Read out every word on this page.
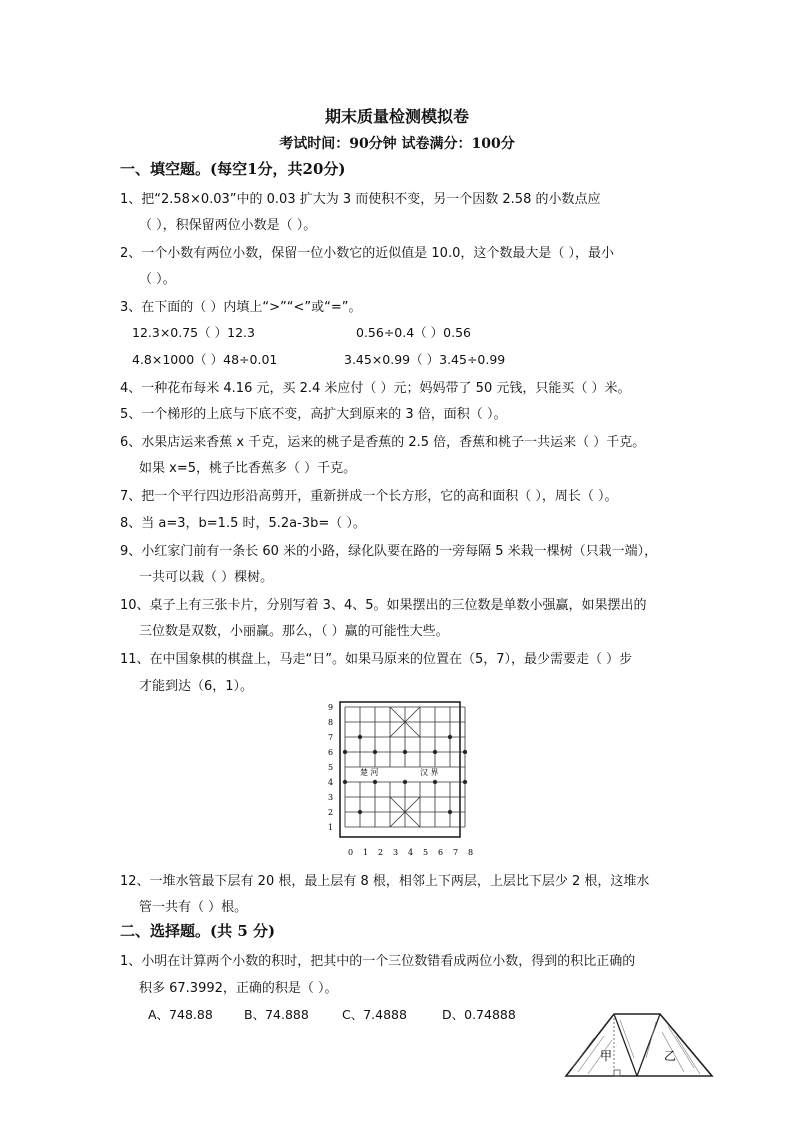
期末质量检测模拟卷
考试时间：90分钟 试卷满分：100分
一、填空题。(每空1分，共20分)
1、把“2.58×0.03”中的 0.03 扩大为 3 而使积不变，另一个因数 2.58 的小数点应
（ ），积保留两位小数是（ ）。
2、一个小数有两位小数，保留一位小数它的近似值是 10.0，这个数最大是（ ），最小
（ ）。
3、在下面的（ ）内填上“>”“<”或“=”。
12.3×0.75（ ）12.3	0.56÷0.4（ ）0.56
4.8×1000（ ）48÷0.01	3.45×0.99（ ）3.45÷0.99
4、一种花布每米 4.16 元，买 2.4 米应付（ ）元；妈妈带了 50 元钱，只能买（ ）米。
5、一个梯形的上底与下底不变，高扩大到原来的 3 倍，面积（ ）。
6、水果店运来香蕉 x 千克，运来的桃子是香蕉的 2.5 倍，香蕉和桃子一共运来（ ）千克。
如果 x=5，桃子比香蕉多（ ）千克。
7、把一个平行四边形沿高剪开，重新拼成一个长方形，它的高和面积（ ），周长（ ）。
8、当 a=3，b=1.5 时，5.2a-3b=（ ）。
9、小红家门前有一条长 60 米的小路，绿化队要在路的一旁每隔 5 米栽一棵树（只栽一端），
一共可以栽（ ）棵树。
10、桌子上有三张卡片，分别写着 3、4、5。如果摆出的三位数是单数小强赢，如果摆出的
三位数是双数，小丽赢。那么，（ ）赢的可能性大些。
11、在中国象棋的棋盘上，马走“日”。如果马原来的位置在（5，7），最少需要走（ ）步
才能到达（6，1）。
1
2
3
4
5
6
7
8
9
0 1 2 3 4 5 6 7 8
楚 河	汉 界
12、一堆水管最下层有 20 根，最上层有 8 根，相邻上下两层，上层比下层少 2 根，这堆水
管一共有（ ）根。
二、选择题。(共 5 分)
1、小明在计算两个小数的积时，把其中的一个三位数错看成两位小数，得到的积比正确的
积多 67.3992，正确的积是（ ）。
A、748.88 B、74.888	C、7.4888	D、0.74888
甲	乙
